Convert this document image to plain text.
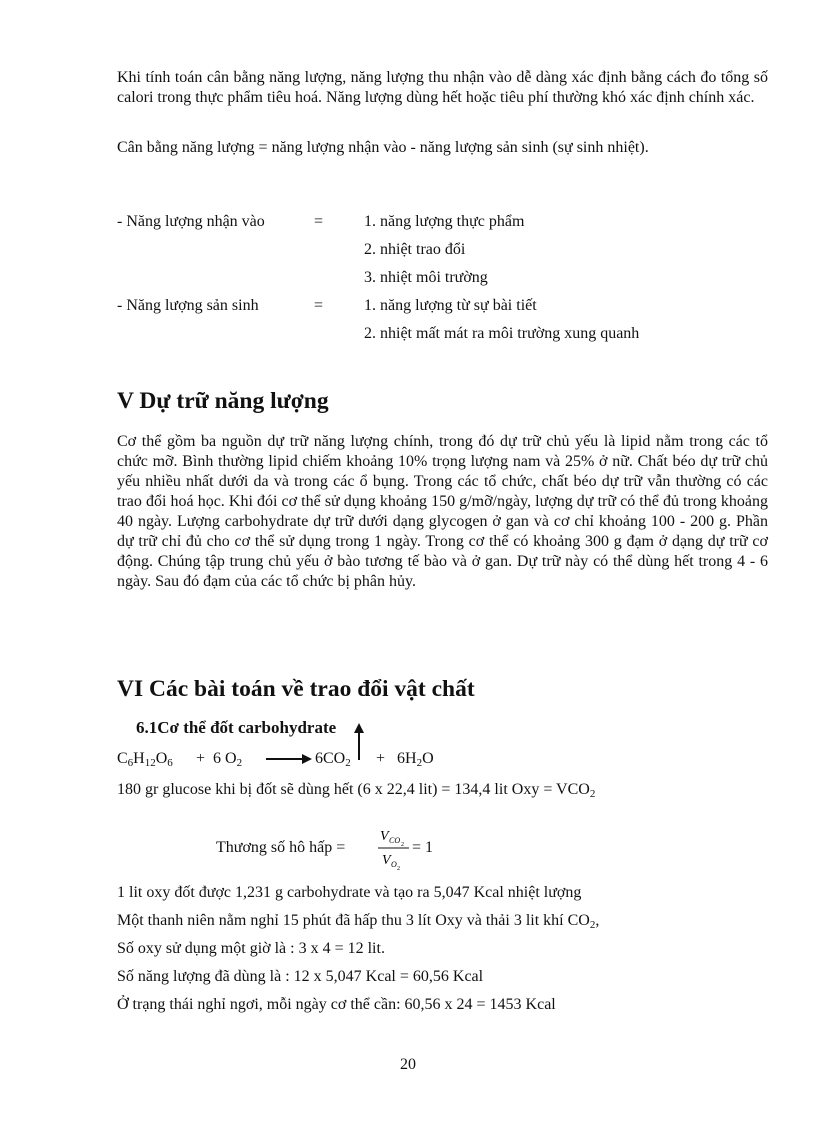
Khi tính toán cân bằng năng lượng, năng lượng thu nhận vào dễ dàng xác định bằng cách đo tổng số calori trong thực phẩm tiêu hoá. Năng lượng dùng hết hoặc tiêu phí thường khó xác định chính xác.

Cân bằng năng lượng = năng lượng nhận vào - năng lượng sản sinh (sự sinh nhiệt).

- Năng lượng nhận vào	=	1. năng lượng thực phẩm
2. nhiệt trao đổi
3. nhiệt môi trường
- Năng lượng sản sinh	=	1. năng lượng từ sự bài tiết
2. nhiệt mất mát ra môi trường xung quanh
V Dự trữ năng lượng

Cơ thể gồm ba nguồn dự trữ năng lượng chính, trong đó dự trữ chủ yếu là lipid nằm trong các tổ chức mỡ. Bình thường lipid chiếm khoảng 10% trọng lượng nam và 25% ở nữ. Chất béo dự trữ chủ yếu nhiều nhất dưới da và trong các ổ bụng. Trong các tổ chức, chất béo dự trữ vẫn thường có các trao đổi hoá học. Khi đói cơ thể sử dụng khoảng 150 g/mỡ/ngày, lượng dự trữ có thể đủ trong khoảng 40 ngày. Lượng carbohydrate dự trữ dưới dạng glycogen ở gan và cơ chỉ khoảng 100 - 200 g. Phần dự trữ chỉ đủ cho cơ thể sử dụng trong 1 ngày. Trong cơ thể có khoảng 300 g đạm ở dạng dự trữ cơ động. Chúng tập trung chủ yếu ở bào tương tế bào và ở gan. Dự trữ này có thể dùng hết trong 4 - 6 ngày. Sau đó đạm của các tổ chức bị phân hủy.

VI Các bài toán về trao đổi vật chất
6.1Cơ thể đốt carbohydrate
$C_6H_{12}O_6 + 6$ $O_2 \to 6CO_2 + 6H_2O$
180 gr glucose khi bị đốt sẽ dùng hết (6 x 22,4 lit) = 134,4 lit Oxy = $VCO_2$
Thương số hô hấp =
V CO 2
V O 2
= 1
1 lit oxy đốt được 1,231 g carbohydrate và tạo ra 5,047 Kcal nhiệt lượng
Một thanh niên nằm nghỉ 15 phút đã hấp thu 3 lít Oxy và thải 3 lit khí $CO_2$,
Số oxy sử dụng một giờ là : 3 x 4 = 12 lit.
Số năng lượng đã dùng là : 12 x 5,047 Kcal = 60,56 Kcal
Ở trạng thái nghỉ ngơi, mỗi ngày cơ thể cần: 60,56 x 24 = 1453 Kcal
20
